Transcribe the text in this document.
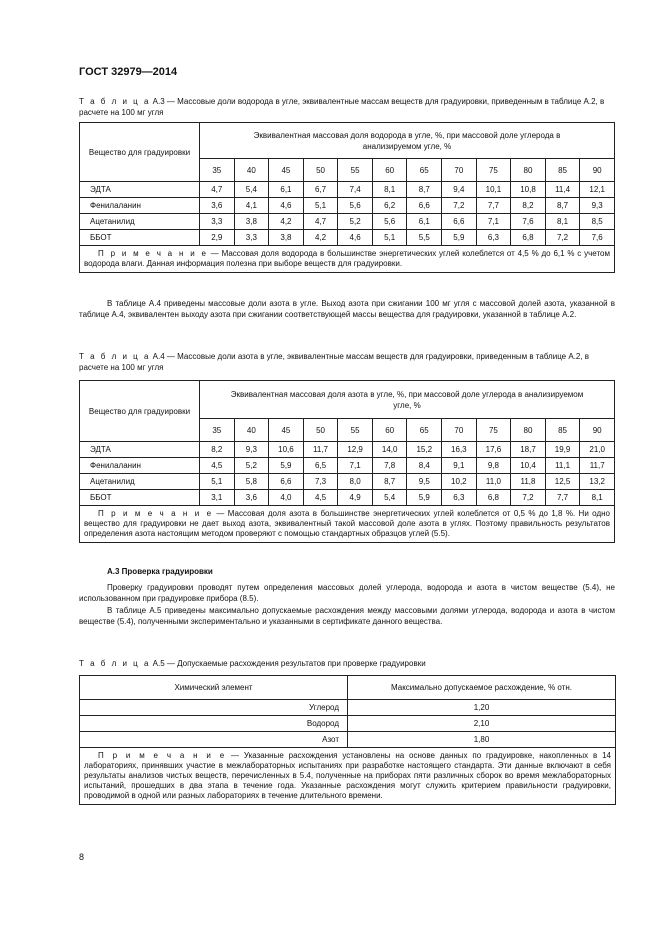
ГОСТ 32979—2014
Т а б л и ц а А.3 — Массовые доли водорода в угле, эквивалентные массам веществ для градуировки, приведенным в таблице А.2, в расчете на 100 мг угля
Вещество для градуировки	Эквивалентная массовая доля водорода в угле, %, при массовой доле углерода в анализируемом угле, %											
	35	40	45	50	55	60	65	70	75	80	85	90
ЭДТА	4,7	5,4	6,1	6,7	7,4	8,1	8,7	9,4	10,1	10,8	11,4	12,1
Фенилаланин	3,6	4,1	4,6	5,1	5,6	6,2	6,6	7,2	7,7	8,2	8,7	9,3
Ацетанилид	3,3	3,8	4,2	4,7	5,2	5,6	6,1	6,6	7,1	7,6	8,1	8,5
ББОТ	2,9	3,3	3,8	4,2	4,6	5,1	5,5	5,9	6,3	6,8	7,2	7,6
П р и м е ч а н и е — Массовая доля водорода в большинстве энергетических углей колеблется от 4,5 % до 6,1 % с учетом водорода влаги. Данная информация полезна при выборе веществ для градуировки.												
В таблице А.4 приведены массовые доли азота в угле. Выход азота при сжигании 100 мг угля с массовой долей азота, указанной в таблице А.4, эквивалентен выходу азота при сжигании соответствующей массы вещества для градуировки, указанной в таблице А.2.
Т а б л и ц а А.4 — Массовые доли азота в угле, эквивалентные массам веществ для градуировки, приведенным в таблице А.2, в расчете на 100 мг угля
Вещество для градуировки	Эквивалентная массовая доля азота в угле, %, при массовой доле углерода в анализируемом угле, %											
	35	40	45	50	55	60	65	70	75	80	85	90
ЭДТА	8,2	9,3	10,6	11,7	12,9	14,0	15,2	16,3	17,6	18,7	19,9	21,0
Фенилаланин	4,5	5,2	5,9	6,5	7,1	7,8	8,4	9,1	9,8	10,4	11,1	11,7
Ацетанилид	5,1	5,8	6,6	7,3	8,0	8,7	9,5	10,2	11,0	11,8	12,5	13,2
ББОТ	3,1	3,6	4,0	4,5	4,9	5,4	5,9	6,3	6,8	7,2	7,7	8,1
П р и м е ч а н и е — Массовая доля азота в большинстве энергетических углей колеблется от 0,5 % до 1,8 %. Ни одно вещество для градуировки не дает выход азота, эквивалентный такой массовой доле азота в углях. Поэтому правильность результатов определения азота настоящим методом проверяют с помощью стандартных образцов углей (5.5).												
А.3 Проверка градуировки
Проверку градуировки проводят путем определения массовых долей углерода, водорода и азота в чистом веществе (5.4), не использованном при градуировке прибора (8.5).
В таблице А.5 приведены максимально допускаемые расхождения между массовыми долями углерода, водорода и азота в чистом веществе (5.4), полученными экспериментально и указанными в сертификате данного вещества.
Т а б л и ц а А.5 — Допускаемые расхождения результатов при проверке градуировки
Химический элемент	Максимально допускаемое расхождение, % отн.
Углерод	1,20
Водород	2,10
Азот	1,80
П р и м е ч а н и е — Указанные расхождения установлены на основе данных по градуировке, накопленных в 14 лабораториях, принявших участие в межлабораторных испытаниях при разработке настоящего стандарта. Эти данные включают в себя результаты анализов чистых веществ, перечисленных в 5.4, полученные на приборах пяти различных сборок во время межлабораторных испытаний, прошедших в два этапа в течение года. Указанные расхождения могут служить критерием правильности градуировки, проводимой в одной или разных лабораториях в течение длительного времени.	
8
